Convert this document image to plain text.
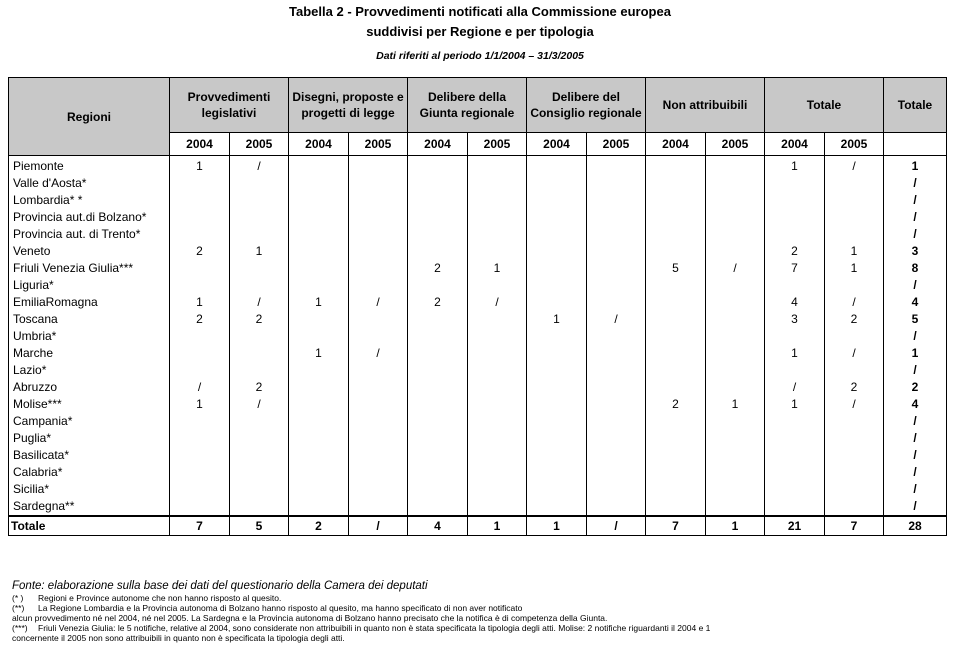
Tabella 2 - Provvedimenti notificati alla Commissione europea
suddivisi per Regione e per tipologia
Dati riferiti al periodo 1/1/2004 – 31/3/2005
Regioni	Provvedimenti legislativi		Disegni, proposte e progetti di legge		Delibere della Giunta regionale		Delibere del Consiglio regionale		Non attribuibili		Totale		Totale
	2004	2005	2004	2005	2004	2005	2004	2005	2004	2005	2004	2005	
Piemonte	1	/									1	/	1
Valle d'Aosta*													/
Lombardia* *													/
Provincia aut.di Bolzano*													/
Provincia aut. di Trento*													/
Veneto	2	1									2	1	3
Friuli Venezia Giulia***					2	1			5	/	7	1	8
Liguria*													/
EmiliaRomagna	1	/	1	/	2	/					4	/	4
Toscana	2	2					1	/			3	2	5
Umbria*													/
Marche			1	/							1	/	1
Lazio*													/
Abruzzo	/	2									/	2	2
Molise***	1	/							2	1	1	/	4
Campania*													/
Puglia*													/
Basilicata*													/
Calabria*													/
Sicilia*													/
Sardegna**													/
Totale	7	5	2	/	4	1	1	/	7	1	21	7	28
Fonte: elaborazione sulla base dei dati del questionario della Camera dei deputati
(* ) Regioni e Province autonome che non hanno risposto al quesito.
(**) La Regione Lombardia e la Provincia autonoma di Bolzano hanno risposto al quesito, ma hanno specificato di non aver notificato
alcun provvedimento né nel 2004, né nel 2005. La Sardegna e la Provincia autonoma di Bolzano hanno precisato che la notifica è di competenza della Giunta.
(***) Friuli Venezia Giulia: le 5 notifiche, relative al 2004, sono considerate non attribuibili in quanto non è stata specificata la tipologia degli atti. Molise: 2 notifiche riguardanti il 2004 e 1
concernente il 2005 non sono attribuibili in quanto non è specificata la tipologia degli atti.
